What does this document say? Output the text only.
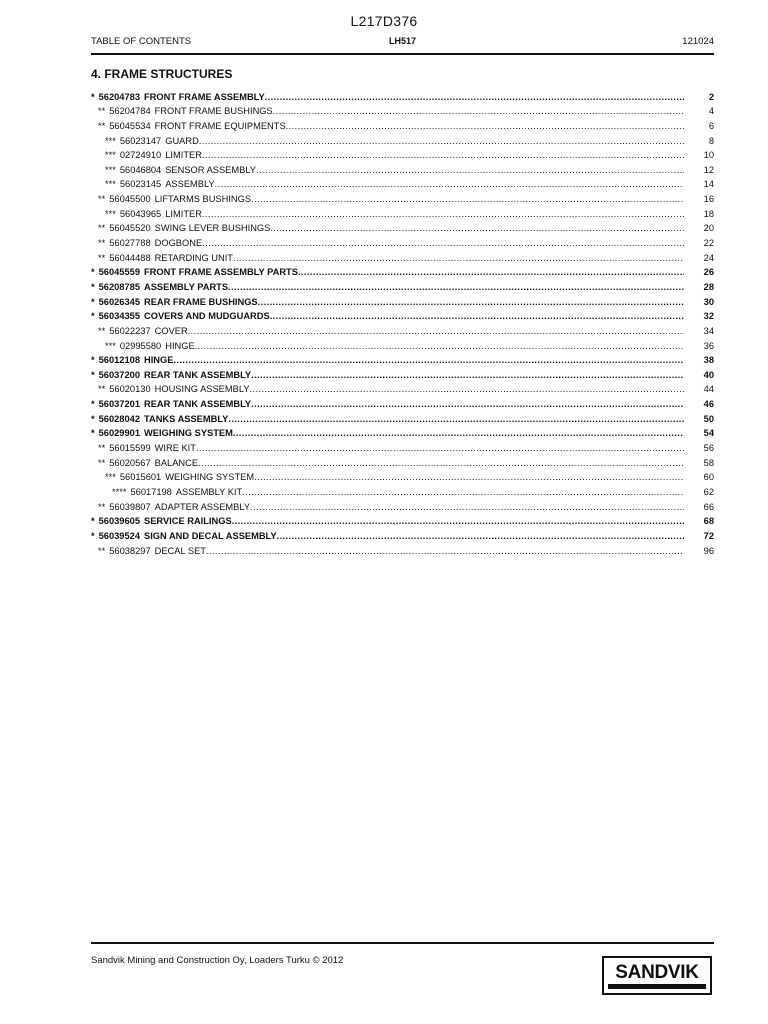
L217D376
TABLE OF CONTENTS	LH517	121024
4. FRAME STRUCTURES
* 56204783 FRONT FRAME ASSEMBLY .....	2
** 56204784 FRONT FRAME BUSHINGS .....	4
** 56045534 FRONT FRAME EQUIPMENTS .....	6
*** 56023147 GUARD .....	8
*** 02724910 LIMITER .....	10
*** 56046804 SENSOR ASSEMBLY .....	12
*** 56023145 ASSEMBLY .....	14
** 56045500 LIFTARMS BUSHINGS .....	16
*** 56043965 LIMITER .....	18
** 56045520 SWING LEVER BUSHINGS .....	20
** 56027788 DOGBONE .....	22
** 56044488 RETARDING UNIT .....	24
* 56045559 FRONT FRAME ASSEMBLY PARTS .....	26
* 56208785 ASSEMBLY PARTS .....	28
* 56026345 REAR FRAME BUSHINGS .....	30
* 56034355 COVERS AND MUDGUARDS .....	32
** 56022237 COVER .....	34
*** 02995580 HINGE .....	36
* 56012108 HINGE .....	38
* 56037200 REAR TANK ASSEMBLY .....	40
** 56020130 HOUSING ASSEMBLY .....	44
* 56037201 REAR TANK ASSEMBLY .....	46
* 56028042 TANKS ASSEMBLY .....	50
* 56029901 WEIGHING SYSTEM .....	54
** 56015599 WIRE KIT .....	56
** 56020567 BALANCE .....	58
*** 56015601 WEIGHING SYSTEM .....	60
**** 56017198 ASSEMBLY KIT .....	62
** 56039807 ADAPTER ASSEMBLY .....	66
* 56039605 SERVICE RAILINGS .....	68
* 56039524 SIGN AND DECAL ASSEMBLY .....	72
** 56038297 DECAL SET .....	96
Sandvik Mining and Construction Oy, Loaders Turku © 2012
SANDVIK
